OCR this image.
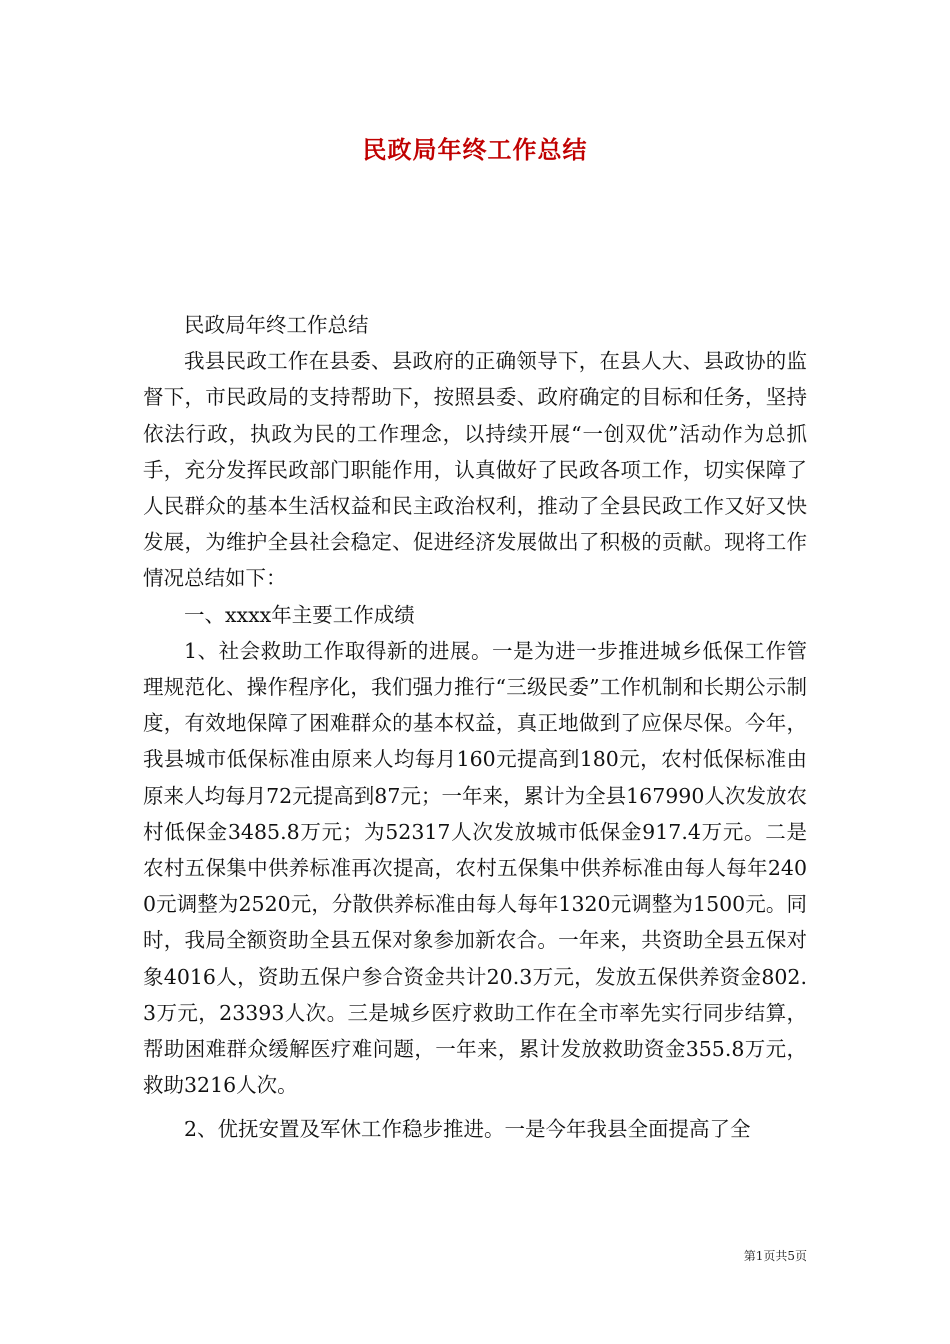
民政局年终工作总结

民政局年终工作总结

我县民政工作在县委、县政府的正确领导下，在县人大、县政协的监督下，市民政局的支持帮助下，按照县委、政府确定的目标和任务，坚持依法行政，执政为民的工作理念，以持续开展“一创双优”活动作为总抓手，充分发挥民政部门职能作用，认真做好了民政各项工作，切实保障了人民群众的基本生活权益和民主政治权利，推动了全县民政工作又好又快发展，为维护全县社会稳定、促进经济发展做出了积极的贡献。现将工作情况总结如下：

一、xxxx年主要工作成绩

1、社会救助工作取得新的进展。一是为进一步推进城乡低保工作管理规范化、操作程序化，我们强力推行“三级民委”工作机制和长期公示制度，有效地保障了困难群众的基本权益，真正地做到了应保尽保。今年，我县城市低保标准由原来人均每月160元提高到180元，农村低保标准由原来人均每月72元提高到87元；一年来，累计为全县167990人次发放农村低保金3485.8万元；为52317人次发放城市低保金917.4万元。二是农村五保集中供养标准再次提高，农村五保集中供养标准由每人每年2400元调整为2520元，分散供养标准由每人每年1320元调整为1500元。同时，我局全额资助全县五保对象参加新农合。一年来，共资助全县五保对象4016人，资助五保户参合资金共计20.3万元，发放五保供养资金802.3万元，23393人次。三是城乡医疗救助工作在全市率先实行同步结算，帮助困难群众缓解医疗难问题，一年来，累计发放救助资金355.8万元，救助3216人次。

2、优抚安置及军休工作稳步推进。一是今年我县全面提高了全

第1页共5页
